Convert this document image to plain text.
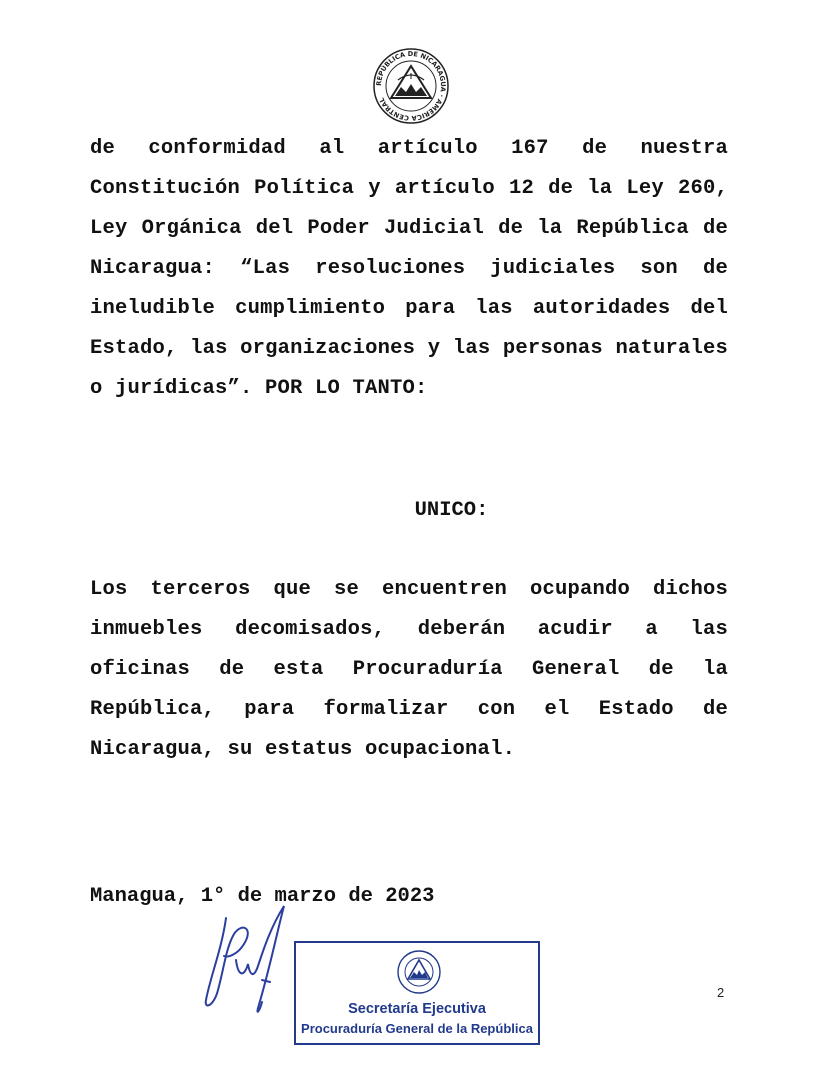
REPÚBLICA DE NICARAGUA · AMÉRICA CENTRAL

de conformidad al artículo 167 de nuestra Constitución Política y artículo 12 de la Ley 260, Ley Orgánica del Poder Judicial de la República de Nicaragua: “Las resoluciones judiciales son de ineludible cumplimiento para las autoridades del Estado, las organizaciones y las personas naturales o jurídicas”. POR LO TANTO:

UNICO:

Los terceros que se encuentren ocupando dichos inmuebles decomisados, deberán acudir a las oficinas de esta Procuraduría General de la República, para formalizar con el Estado de Nicaragua, su estatus ocupacional.

Managua, 1° de marzo de 2023
Secretaría Ejecutiva
Procuraduría General de la República
2
